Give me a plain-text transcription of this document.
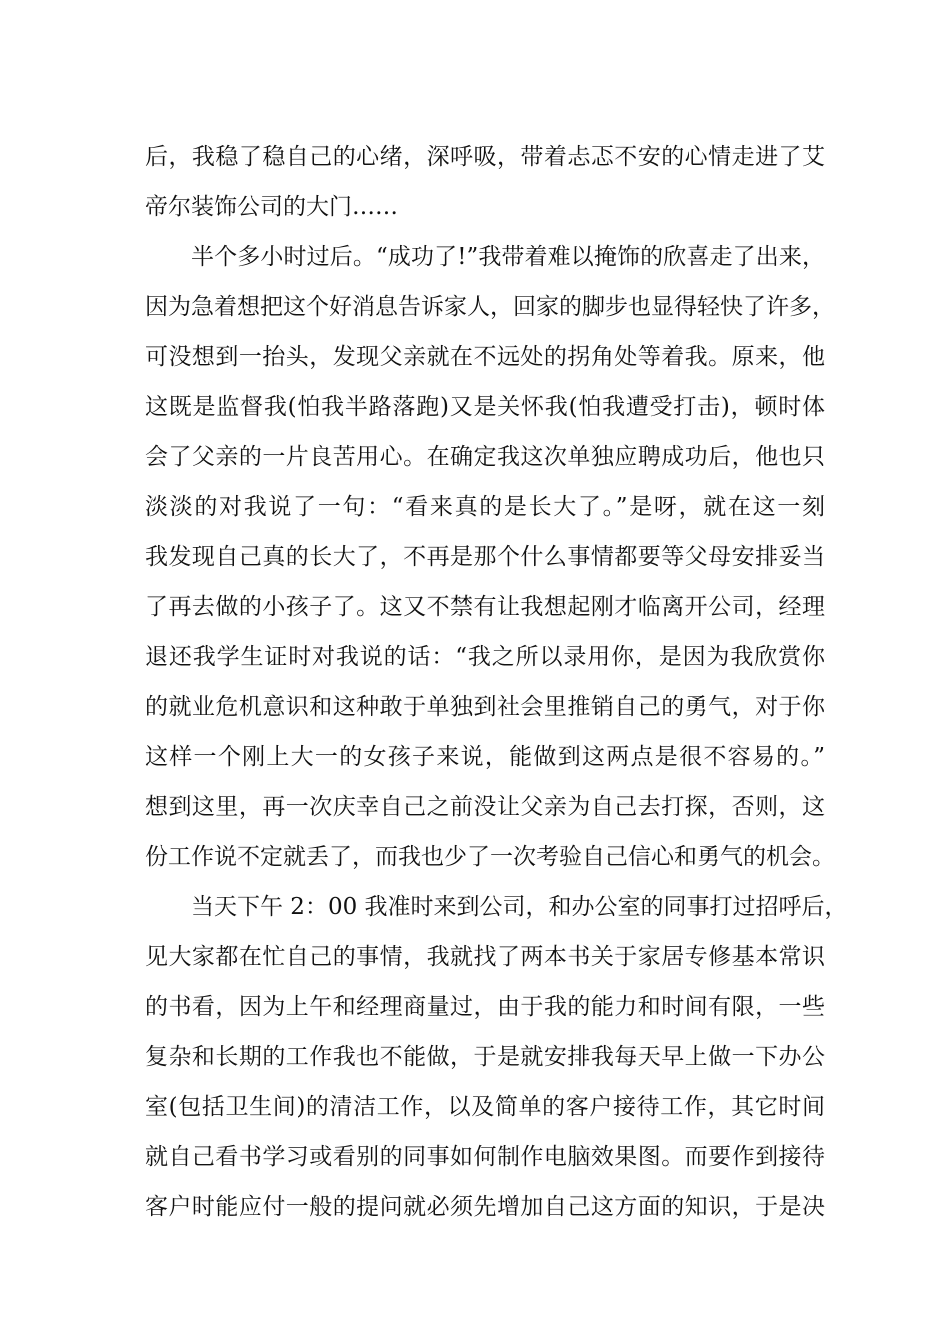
后，我稳了稳自己的心绪，深呼吸，带着忐忑不安的心情走进了艾
帝尔装饰公司的大门……
半个多小时过后。“成功了!”我带着难以掩饰的欣喜走了出来，
因为急着想把这个好消息告诉家人，回家的脚步也显得轻快了许多，
可没想到一抬头，发现父亲就在不远处的拐角处等着我。原来，他
这既是监督我(怕我半路落跑)又是关怀我(怕我遭受打击)，顿时体
会了父亲的一片良苦用心。在确定我这次单独应聘成功后，他也只
淡淡的对我说了一句：“看来真的是长大了。”是呀，就在这一刻
我发现自己真的长大了，不再是那个什么事情都要等父母安排妥当
了再去做的小孩子了。这又不禁有让我想起刚才临离开公司，经理
退还我学生证时对我说的话：“我之所以录用你，是因为我欣赏你
的就业危机意识和这种敢于单独到社会里推销自己的勇气，对于你
这样一个刚上大一的女孩子来说，能做到这两点是很不容易的。”
想到这里，再一次庆幸自己之前没让父亲为自己去打探，否则，这
份工作说不定就丢了，而我也少了一次考验自己信心和勇气的机会。
当天下午 2：00 我准时来到公司，和办公室的同事打过招呼后，
见大家都在忙自己的事情，我就找了两本书关于家居专修基本常识
的书看，因为上午和经理商量过，由于我的能力和时间有限，一些
复杂和长期的工作我也不能做，于是就安排我每天早上做一下办公
室(包括卫生间)的清洁工作，以及简单的客户接待工作，其它时间
就自己看书学习或看别的同事如何制作电脑效果图。而要作到接待
客户时能应付一般的提问就必须先增加自己这方面的知识，于是决
